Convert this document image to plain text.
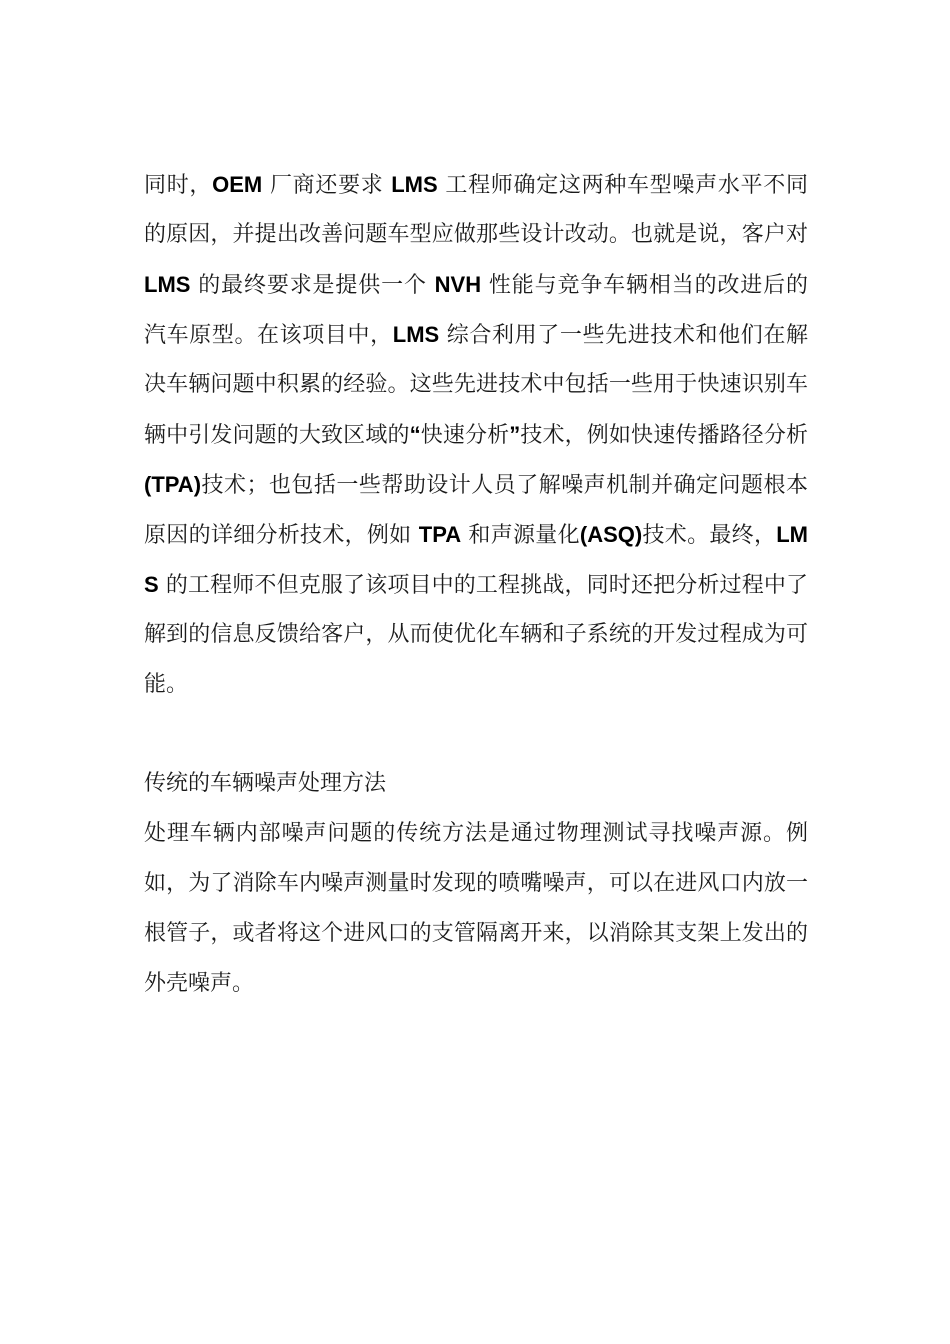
同时，OEM 厂商还要求 LMS 工程师确定这两种车型噪声水平不同
的原因，并提出改善问题车型应做那些设计改动。也就是说，客户对
LMS 的最终要求是提供一个 NVH 性能与竞争车辆相当的改进后的
汽车原型。在该项目中，LMS 综合利用了一些先进技术和他们在解
决车辆问题中积累的经验。这些先进技术中包括一些用于快速识别车
辆中引发问题的大致区域的“快速分析”技术，例如快速传播路径分析
(TPA)技术；也包括一些帮助设计人员了解噪声机制并确定问题根本
原因的详细分析技术，例如 TPA 和声源量化(ASQ)技术。最终，LM
S 的工程师不但克服了该项目中的工程挑战，同时还把分析过程中了
解到的信息反馈给客户，从而使优化车辆和子系统的开发过程成为可
能。
传统的车辆噪声处理方法
处理车辆内部噪声问题的传统方法是通过物理测试寻找噪声源。例
如，为了消除车内噪声测量时发现的喷嘴噪声，可以在进风口内放一
根管子，或者将这个进风口的支管隔离开来，以消除其支架上发出的
外壳噪声。
